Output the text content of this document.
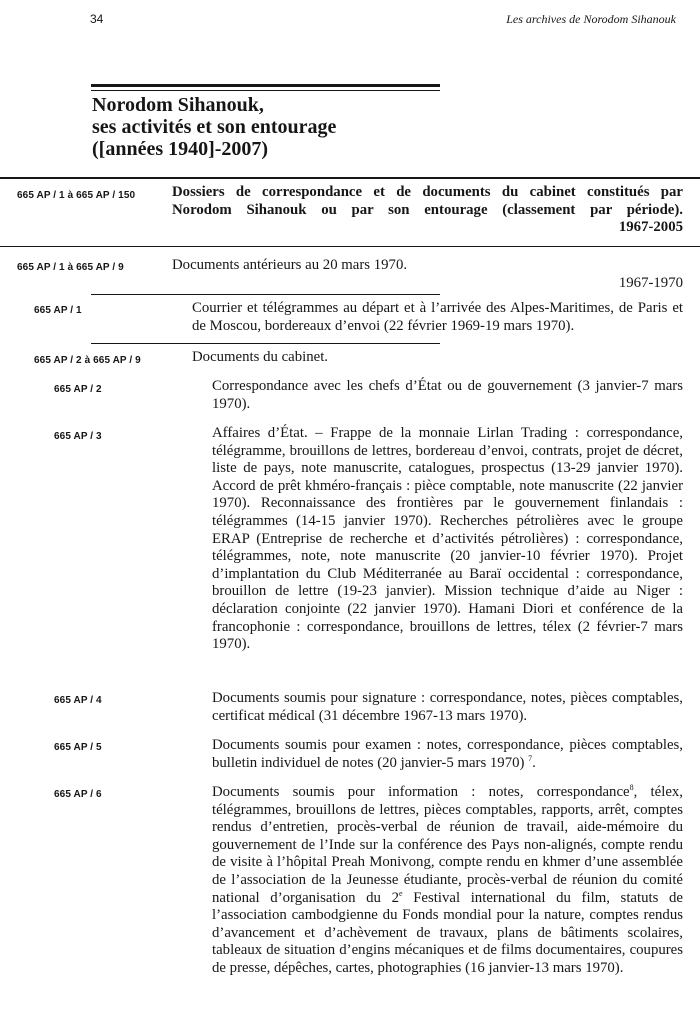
34	Les archives de Norodom Sihanouk
Norodom Sihanouk,
ses activités et son entourage
([années 1940]-2007)
665 AP / 1 à 665 AP / 150 Dossiers de correspondance et de documents du cabinet constitués par
Norodom Sihanouk ou par son entourage (classement par période).
1967-2005
665 AP / 1 à 665 AP / 9	Documents antérieurs au 20 mars 1970.
1967-1970
665 AP / 1	Courrier et télégrammes au départ et à l’arrivée des Alpes-Maritimes, de Paris et de Moscou, bordereaux d’envoi (22 février 1969-19 mars 1970).
665 AP / 2 à 665 AP / 9	Documents du cabinet.
665 AP / 2	Correspondance avec les chefs d’État ou de gouvernement (3 janvier-7 mars 1970).
665 AP / 3	Affaires d’État. – Frappe de la monnaie Lirlan Trading : correspondance, télégramme, brouillons de lettres, bordereau d’envoi, contrats, projet de décret, liste de pays, note manuscrite, catalogues, prospectus (13-29 janvier 1970). Accord de prêt khméro-français : pièce comptable, note manuscrite (22 janvier 1970). Reconnaissance des frontières par le gouvernement finlandais : télégrammes (14-15 janvier 1970). Recherches pétrolières avec le groupe ERAP (Entreprise de recherche et d’activités pétrolières) : correspondance, télégrammes, note, note manuscrite (20 janvier-10 février 1970). Projet d’implantation du Club Méditerranée au Baraï occidental : correspondance, brouillon de lettre (19-23 janvier). Mission technique d’aide au Niger : déclaration conjointe (22 janvier 1970). Hamani Diori et conférence de la francophonie : correspondance, brouillons de lettres, télex (2 février-7 mars 1970).
665 AP / 4	Documents soumis pour signature : correspondance, notes, pièces comptables, certificat médical (31 décembre 1967-13 mars 1970).
665 AP / 5	Documents soumis pour examen : notes, correspondance, pièces comptables, bulletin individuel de notes (20 janvier-5 mars 1970) $^7$.
665 AP / 6	Documents soumis pour information : notes, correspondance$^8$, télex, télégrammes, brouillons de lettres, pièces comptables, rapports, arrêt, comptes rendus d’entretien, procès-verbal de réunion de travail, aide-mémoire du gouvernement de l’Inde sur la conférence des Pays non-alignés, compte rendu de visite à l’hôpital Preah Monivong, compte rendu en khmer d’une assemblée de l’association de la Jeunesse étudiante, procès-verbal de réunion du comité national d’organisation du 2e Festival international du film, statuts de l’association cambodgienne du Fonds mondial pour la nature, comptes rendus d’avancement et d’achèvement de travaux, plans de bâtiments scolaires, tableaux de situation d’engins mécaniques et de films documentaires, coupures de presse, dépêches, cartes, photographies (16 janvier-13 mars 1970).
